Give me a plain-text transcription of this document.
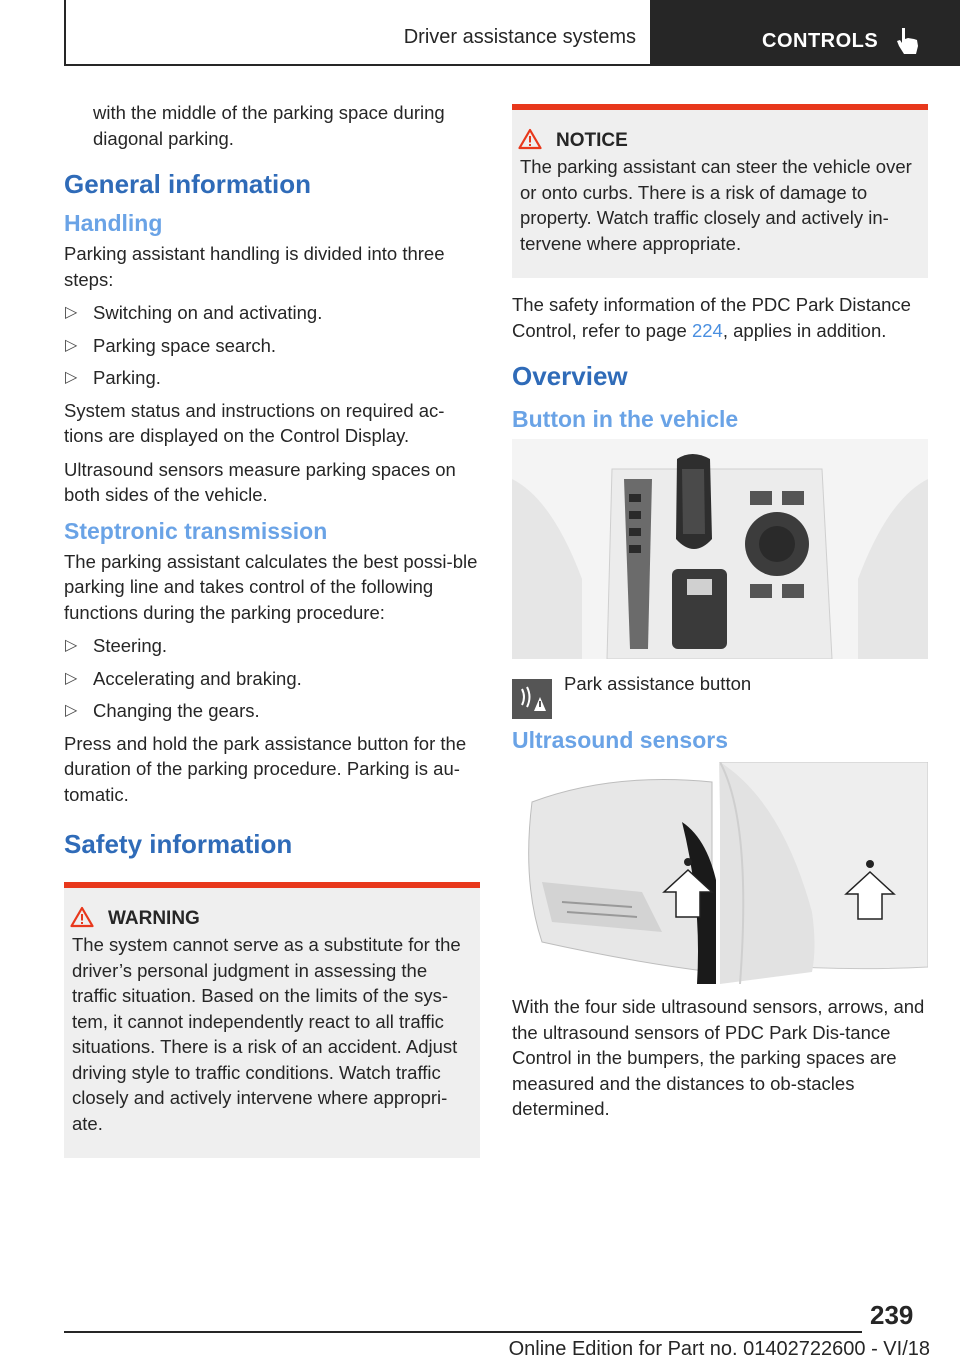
Driver assistance systems	CONTROLS

with the middle of the parking space during diagonal parking.

General information
Handling

Parking assistant handling is divided into three steps:

▷ Switching on and activating.
▷ Parking space search.
▷ Parking.

System status and instructions on required ac-tions are displayed on the Control Display.

Ultrasound sensors measure parking spaces on both sides of the vehicle.

Steptronic transmission

The parking assistant calculates the best possi-ble parking line and takes control of the following functions during the parking procedure:

▷ Steering.
▷ Accelerating and braking.
▷ Changing the gears.

Press and hold the park assistance button for the duration of the parking procedure. Parking is au-tomatic.

Safety information
WARNING

The system cannot serve as a substitute for the driver’s personal judgment in assessing the traffic situation. Based on the limits of the sys-tem, it cannot independently react to all traffic situations. There is a risk of an accident. Adjust driving style to traffic conditions. Watch traffic closely and actively intervene where appropri-ate.

NOTICE

The parking assistant can steer the vehicle over or onto curbs. There is a risk of damage to property. Watch traffic closely and actively in-tervene where appropriate.

The safety information of the PDC Park Distance Control, refer to page 224, applies in addition.

Overview
Button in the vehicle
Park assistance button
Ultrasound sensors

With the four side ultrasound sensors, arrows, and the ultrasound sensors of PDC Park Dis-tance Control in the bumpers, the parking spaces are measured and the distances to ob-stacles determined.

239
Online Edition for Part no. 01402722600 - VI/18
